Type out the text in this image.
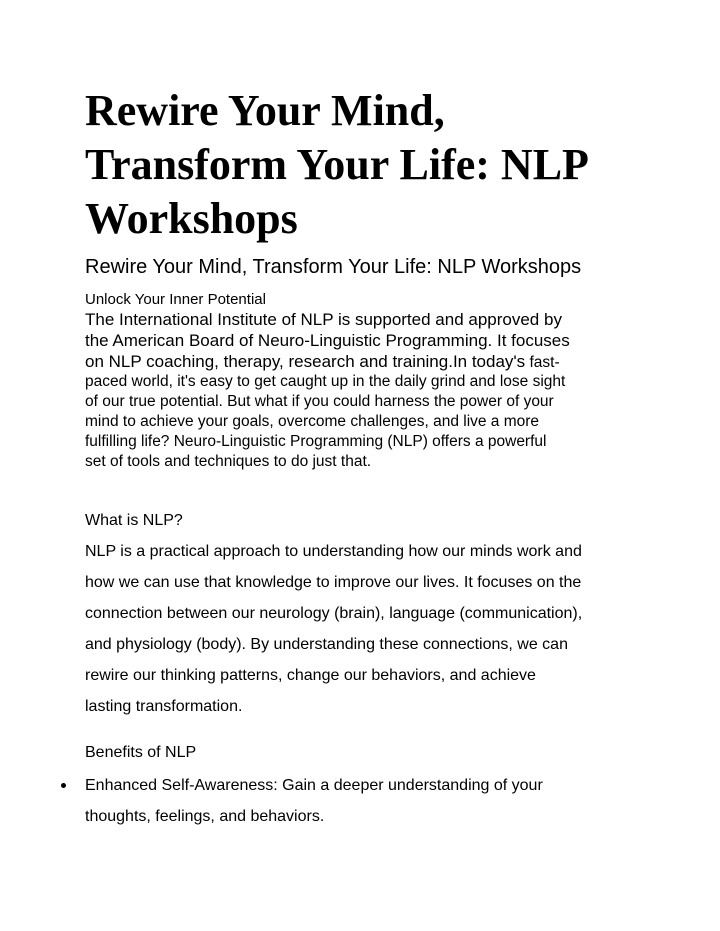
Rewire Your Mind,
Transform Your Life: NLP
Workshops
Rewire Your Mind, Transform Your Life: NLP Workshops
Unlock Your Inner Potential
The International Institute of NLP is supported and approved by
the American Board of Neuro-Linguistic Programming. It focuses
on NLP coaching, therapy, research and training.In today's fast-
paced world, it's easy to get caught up in the daily grind and lose sight
of our true potential. But what if you could harness the power of your
mind to achieve your goals, overcome challenges, and live a more
fulfilling life? Neuro-Linguistic Programming (NLP) offers a powerful
set of tools and techniques to do just that.
What is NLP?
NLP is a practical approach to understanding how our minds work and
how we can use that knowledge to improve our lives. It focuses on the
connection between our neurology (brain), language (communication),
and physiology (body). By understanding these connections, we can
rewire our thinking patterns, change our behaviors, and achieve
lasting transformation.
Benefits of NLP
Enhanced Self-Awareness: Gain a deeper understanding of your
thoughts, feelings, and behaviors.
